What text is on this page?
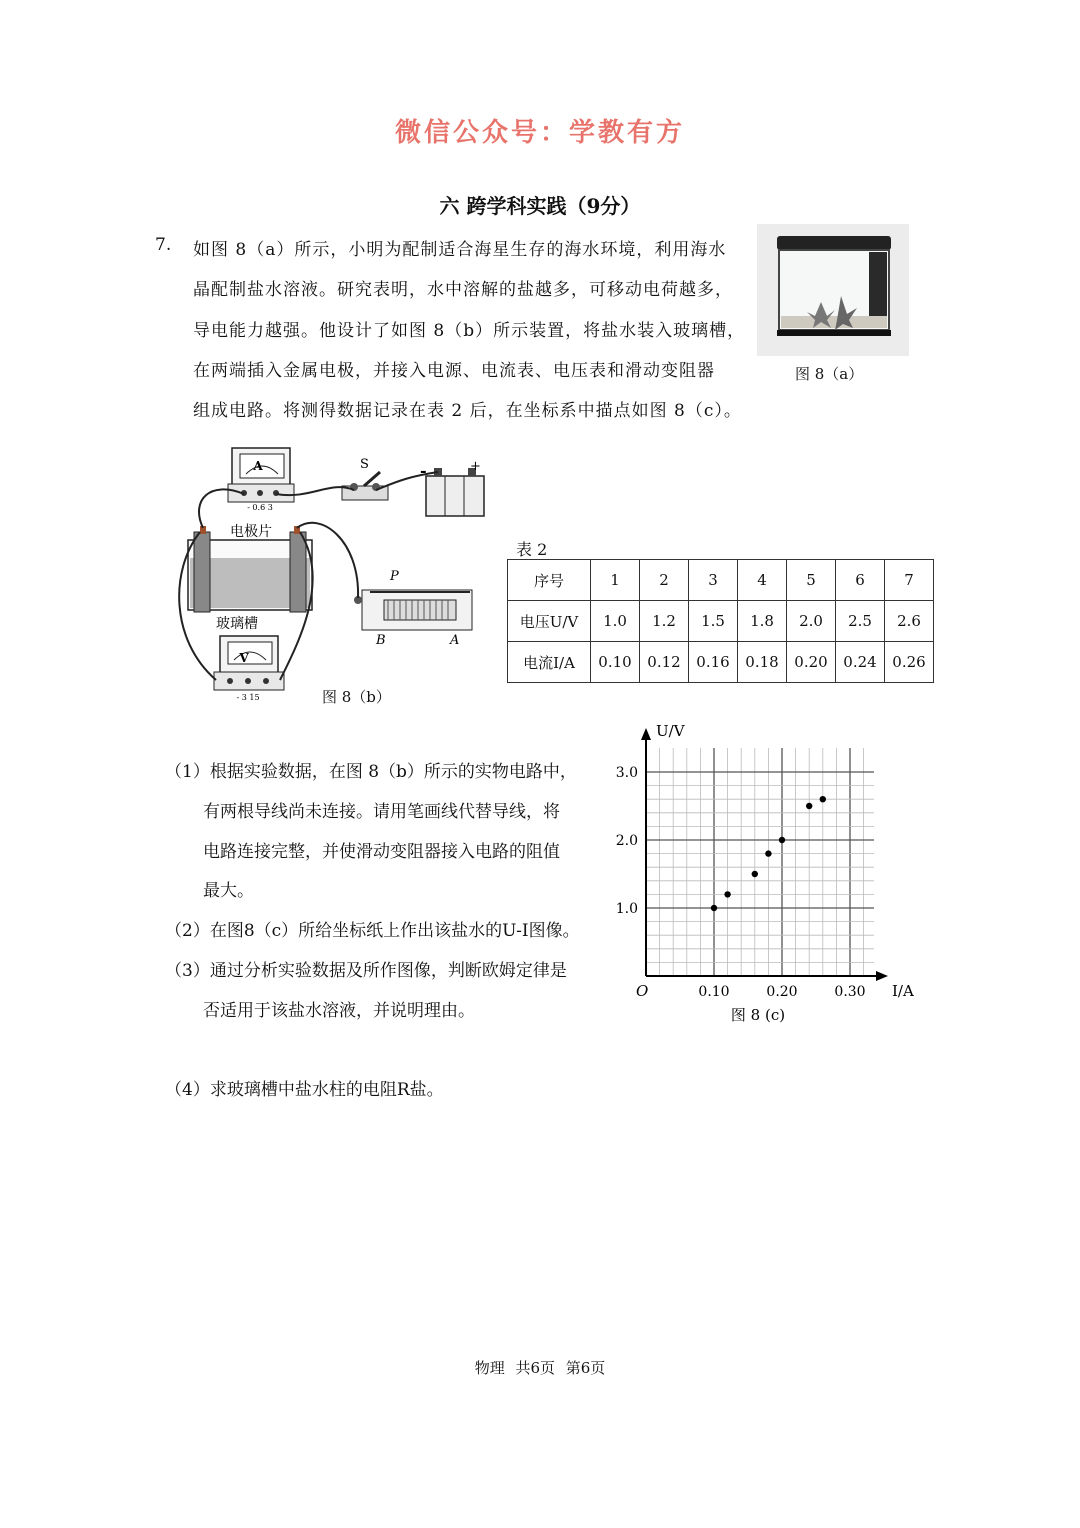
微信公众号：学教有方
六 跨学科实践（9分）
7. 如图 8（a）所示，小明为配制适合海星生存的海水环境，利用海水
晶配制盐水溶液。研究表明，水中溶解的盐越多，可移动电荷越多，
导电能力越强。他设计了如图 8（b）所示装置，将盐水装入玻璃槽，
在两端插入金属电极，并接入电源、电流表、电压表和滑动变阻器
组成电路。将测得数据记录在表 2 后，在坐标系中描点如图 8（c）。
图 8（a）
A
- 0.6 3
S	-	+
电极片
玻璃槽
P
B	A
V
- 3 15	图 8（b）
表 2
序号	1	2	3	4	5	6	7
电压U/V	1.0	1.2	1.5	1.8	2.0	2.5	2.6
电流I/A	0.10	0.12	0.16	0.18	0.20	0.24	0.26
（1）根据实验数据，在图 8（b）所示的实物电路中，
有两根导线尚未连接。请用笔画线代替导线，将
电路连接完整，并使滑动变阻器接入电路的阻值
最大。
（2）在图8（c）所给坐标纸上作出该盐水的U-I图像。
（3）通过分析实验数据及所作图像，判断欧姆定律是
否适用于该盐水溶液，并说明理由。
（4）求玻璃槽中盐水柱的电阻R盐。
0.10	0.20	0.30
1.0
2.0
3.0
U/V
I/A
O
图 8 (c)
物理 共6页 第6页
